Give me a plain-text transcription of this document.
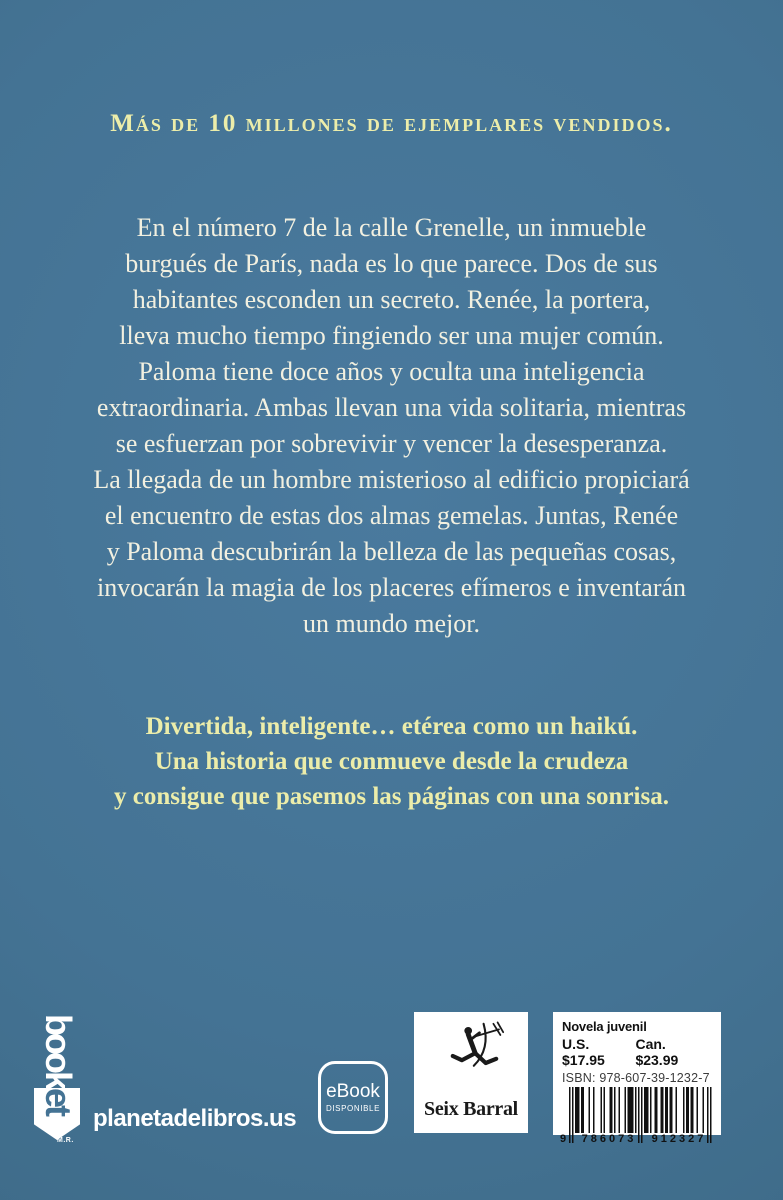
Más de 10 millones de ejemplares vendidos.
En el número 7 de la calle Grenelle, un inmueble
burgués de París, nada es lo que parece. Dos de sus
habitantes esconden un secreto. Renée, la portera,
lleva mucho tiempo fingiendo ser una mujer común.
Paloma tiene doce años y oculta una inteligencia
extraordinaria. Ambas llevan una vida solitaria, mientras
se esfuerzan por sobrevivir y vencer la desesperanza.
La llegada de un hombre misterioso al edificio propiciará
el encuentro de estas dos almas gemelas. Juntas, Renée
y Paloma descubrirán la belleza de las pequeñas cosas,
invocarán la magia de los placeres efímeros e inventarán
un mundo mejor.
Divertida, inteligente… etérea como un haikú.
Una historia que conmueve desde la crudeza
y consigue que pasemos las páginas con una sonrisa.
booket
M.R.
planetadelibros.us
eBook
DISPONIBLE Seix Barral
Novela juvenil
U.S. $17.95
Can. $23.99
ISBN: 978-607-39-1232-7
9	786073	912327
